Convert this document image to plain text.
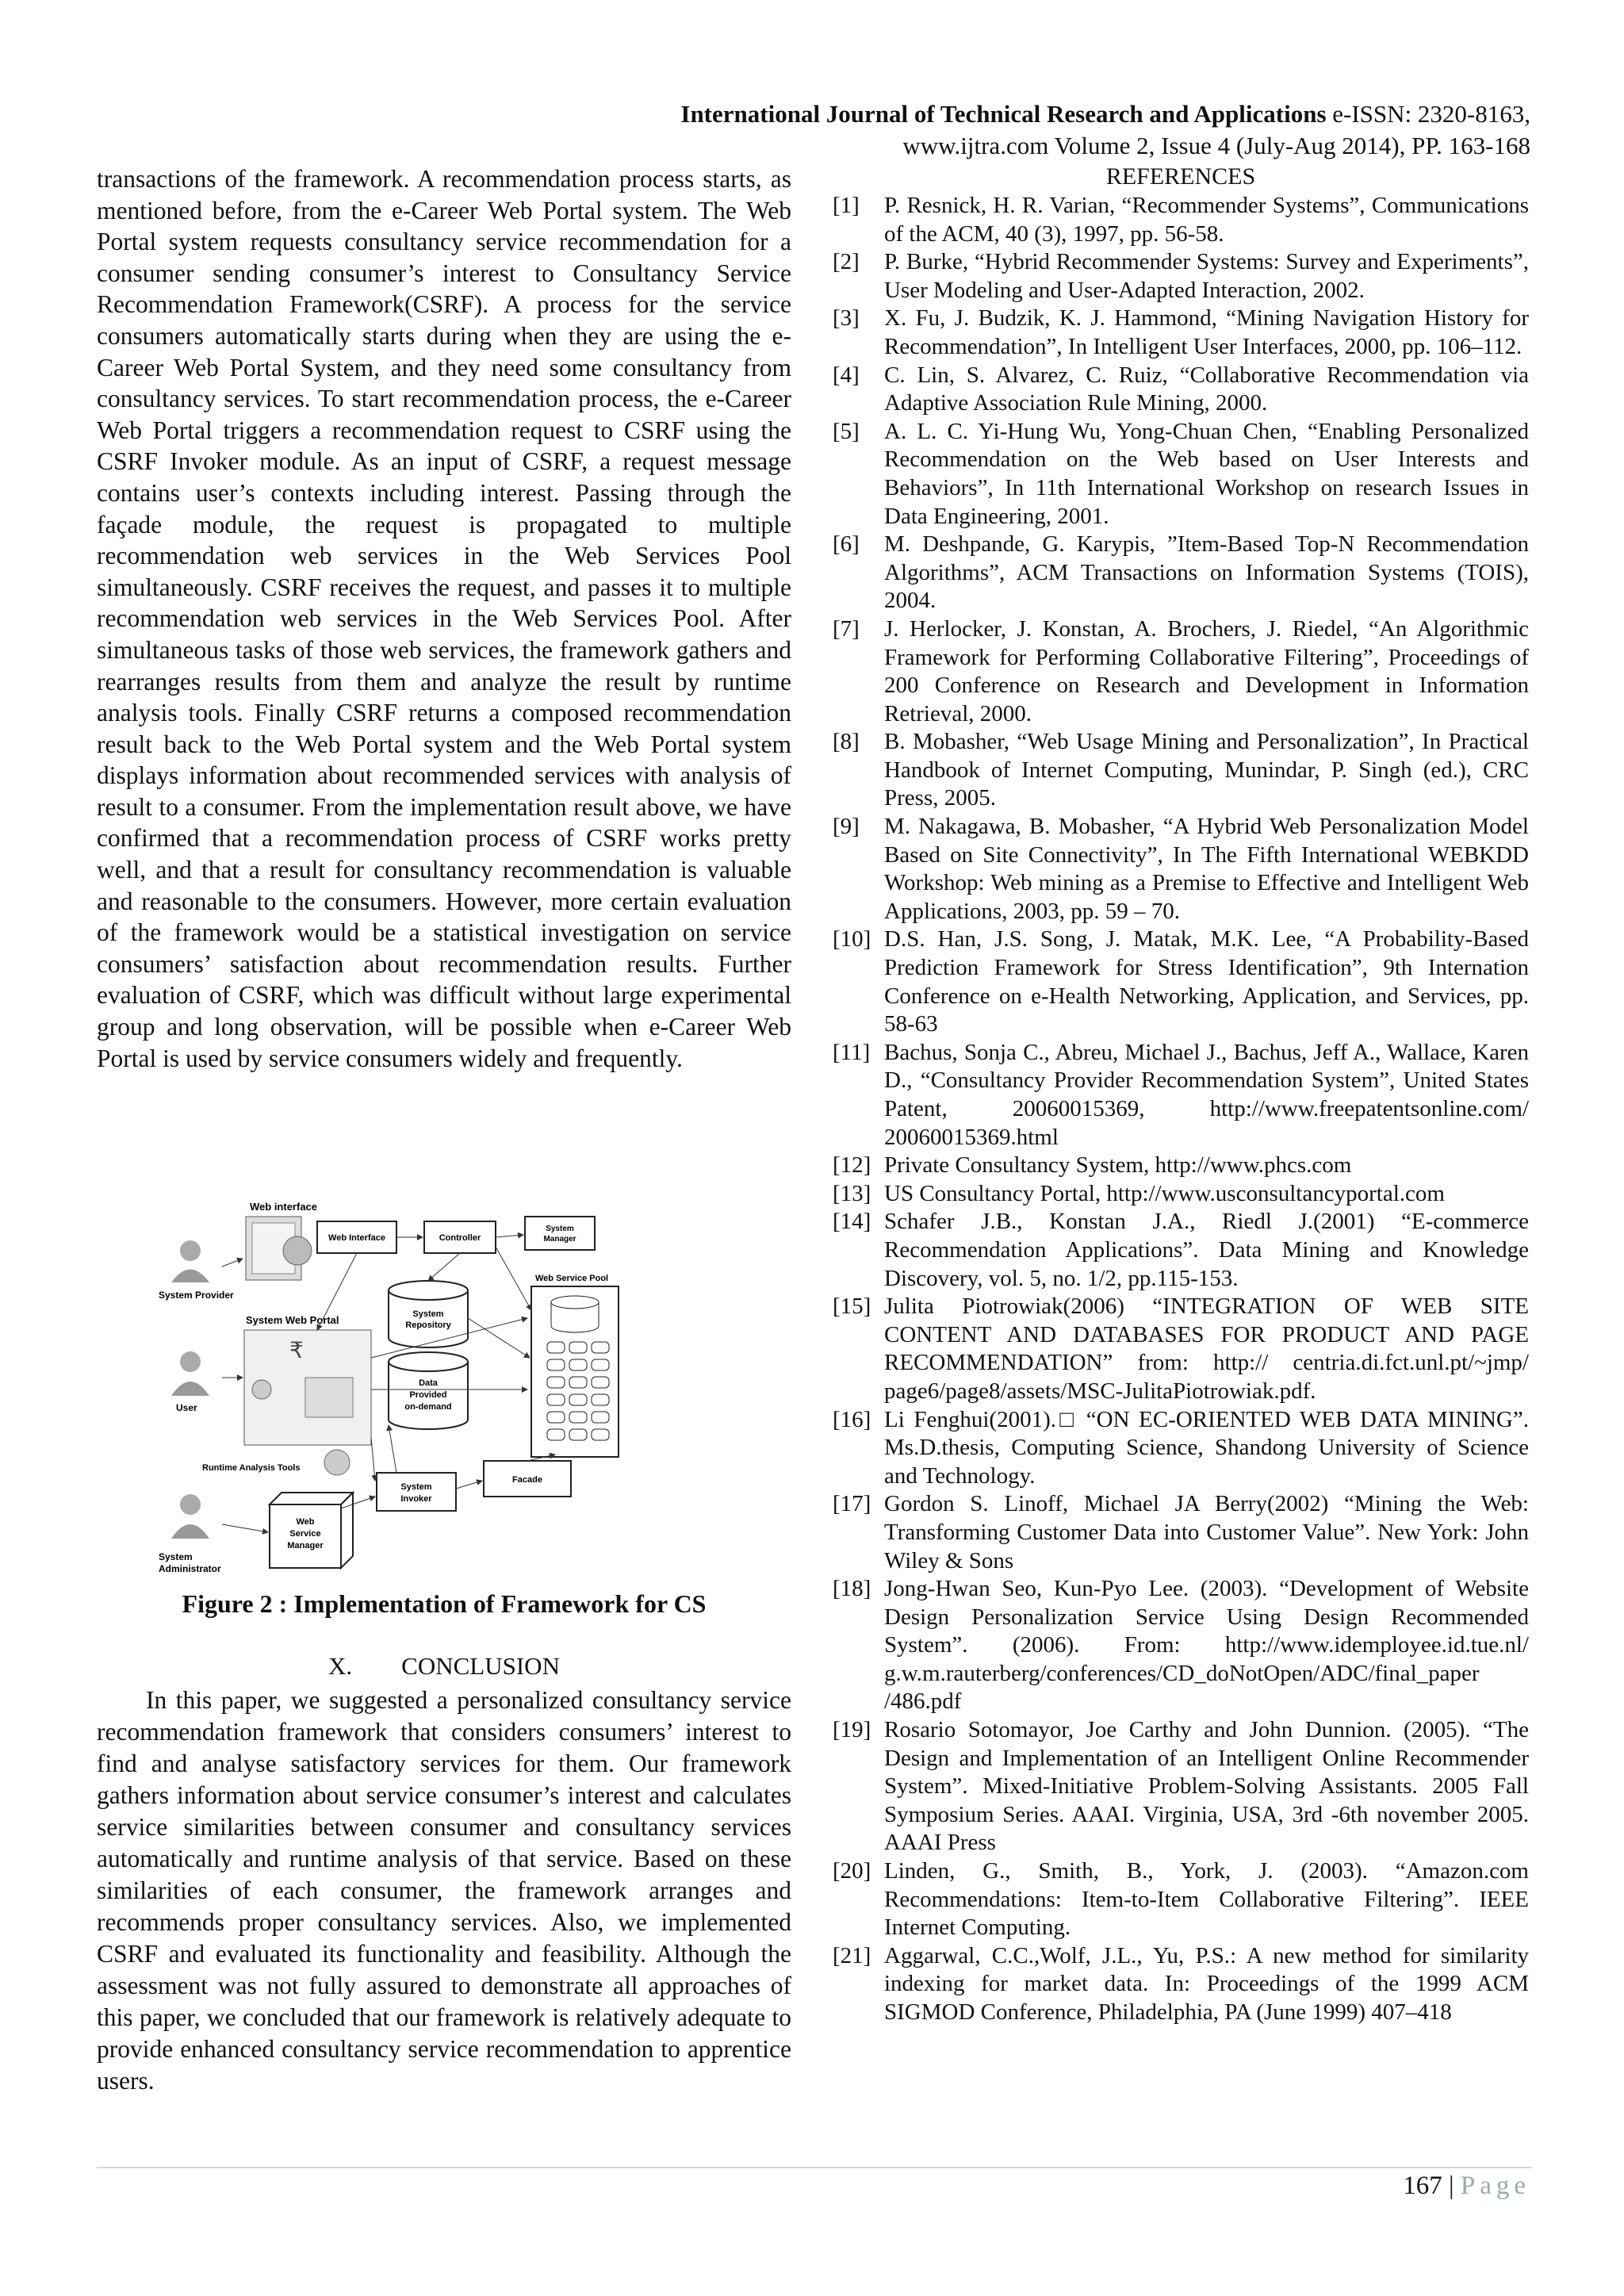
International Journal of Technical Research and Applications e-ISSN: 2320-8163,
www.ijtra.com Volume 2, Issue 4 (July-Aug 2014), PP. 163-168

transactions of the framework. A recommendation process starts, as mentioned before, from the e-Career Web Portal system. The Web Portal system requests consultancy service recommendation for a consumer sending consumer’s interest to Consultancy Service Recommendation Framework(CSRF). A process for the service consumers automatically starts during when they are using the e-Career Web Portal System, and they need some consultancy from consultancy services. To start recommendation process, the e-Career Web Portal triggers a recommendation request to CSRF using the CSRF Invoker module. As an input of CSRF, a request message contains user’s contexts including interest. Passing through the façade module, the request is propagated to multiple recommendation web services in the Web Services Pool simultaneously. CSRF receives the request, and passes it to multiple recommendation web services in the Web Services Pool. After simultaneous tasks of those web services, the framework gathers and rearranges results from them and analyze the result by runtime analysis tools. Finally CSRF returns a composed recommendation result back to the Web Portal system and the Web Portal system displays information about recommended services with analysis of result to a consumer. From the implementation result above, we have confirmed that a recommendation process of CSRF works pretty well, and that a result for consultancy recommendation is valuable and reasonable to the consumers. However, more certain evaluation of the framework would be a statistical investigation on service consumers’ satisfaction about recommendation results. Further evaluation of CSRF, which was difficult without large experimental group and long observation, will be possible when e-Career Web Portal is used by service consumers widely and frequently.

Web interface
Web Interface	Controller
System
Manager
System Provider
System Web Portal
₹
User
System
Repository
Data
Provided
on-demand
Web Service Pool
Runtime Analysis Tools
System
Invoker
Facade
Web
Service
Manager
System
Administrator
Figure 2 : Implementation of Framework for CS
X.  CONCLUSION

In this paper, we suggested a personalized consultancy service recommendation framework that considers consumers’ interest to find and analyse satisfactory services for them. Our framework gathers information about service consumer’s interest and calculates service similarities between consumer and consultancy services automatically and runtime analysis of that service. Based on these similarities of each consumer, the framework arranges and recommends proper consultancy services. Also, we implemented CSRF and evaluated its functionality and feasibility. Although the assessment was not fully assured to demonstrate all approaches of this paper, we concluded that our framework is relatively adequate to provide enhanced consultancy service recommendation to apprentice users.

REFERENCES
[1]	P. Resnick, H. R. Varian, “Recommender Systems”, Communications of the ACM, 40 (3), 1997, pp. 56-58.
[2]	P. Burke, “Hybrid Recommender Systems: Survey and Experiments”, User Modeling and User-Adapted Interaction, 2002.
[3]	X. Fu, J. Budzik, K. J. Hammond, “Mining Navigation History for Recommendation”, In Intelligent User Interfaces, 2000, pp. 106–112.
[4]	C. Lin, S. Alvarez, C. Ruiz, “Collaborative Recommendation via Adaptive Association Rule Mining, 2000.
[5]	A. L. C. Yi-Hung Wu, Yong-Chuan Chen, “Enabling Personalized Recommendation on the Web based on User Interests and Behaviors”, In 11th International Workshop on research Issues in Data Engineering, 2001.
[6]	M. Deshpande, G. Karypis, ”Item-Based Top-N Recommendation Algorithms”, ACM Transactions on Information Systems (TOIS), 2004.
[7]	J. Herlocker, J. Konstan, A. Brochers, J. Riedel, “An Algorithmic Framework for Performing Collaborative Filtering”, Proceedings of 200 Conference on Research and Development in Information Retrieval, 2000.
[8]	B. Mobasher, “Web Usage Mining and Personalization”, In Practical Handbook of Internet Computing, Munindar, P. Singh (ed.), CRC Press, 2005.
[9]	M. Nakagawa, B. Mobasher, “A Hybrid Web Personalization Model Based on Site Connectivity”, In The Fifth International WEBKDD Workshop: Web mining as a Premise to Effective and Intelligent Web Applications, 2003, pp. 59 – 70.
[10] D.S. Han, J.S. Song, J. Matak, M.K. Lee, “A Probability-Based Prediction Framework for Stress Identification”, 9th Internation Conference on e-Health Networking, Application, and Services, pp. 58-63
[11] Bachus, Sonja C., Abreu, Michael J., Bachus, Jeff A., Wallace, Karen D., “Consultancy Provider Recommendation System”, United States Patent, 20060015369, http://www.freepatentsonline.com/ 20060015369.html
[12] Private Consultancy System, http://www.phcs.com
[13] US Consultancy Portal, http://www.usconsultancyportal.com
[14] Schafer J.B., Konstan J.A., Riedl J.(2001) “E-commerce Recommendation Applications”. Data Mining and Knowledge Discovery, vol. 5, no. 1/2, pp.115-153.
[15] Julita Piotrowiak(2006) “INTEGRATION OF WEB SITE CONTENT AND DATABASES FOR PRODUCT AND PAGE RECOMMENDATION” from: http:// centria.di.fct.unl.pt/~jmp/ page6/page8/assets/MSC-JulitaPiotrowiak.pdf.
[16] Li Fenghui(2001).□ “ON EC-ORIENTED WEB DATA MINING”. Ms.D.thesis, Computing Science, Shandong University of Science and Technology.
[17] Gordon S. Linoff, Michael JA Berry(2002) “Mining the Web: Transforming Customer Data into Customer Value”. New York: John Wiley & Sons
[18] Jong-Hwan Seo, Kun-Pyo Lee. (2003). “Development of Website Design Personalization Service Using Design Recommended System”. (2006). From: http://www.idemployee.id.tue.nl/ g.w.m.rauterberg/conferences/CD_doNotOpen/ADC/final_paper /486.pdf
[19] Rosario Sotomayor, Joe Carthy and John Dunnion. (2005). “The Design and Implementation of an Intelligent Online Recommender System”. Mixed-Initiative Problem-Solving Assistants. 2005 Fall Symposium Series. AAAI. Virginia, USA, 3rd -6th november 2005. AAAI Press
[20] Linden, G., Smith, B., York, J. (2003). “Amazon.com Recommendations: Item-to-Item Collaborative Filtering”. IEEE Internet Computing.
[21] Aggarwal, C.C.,Wolf, J.L., Yu, P.S.: A new method for similarity indexing for market data. In: Proceedings of the 1999 ACM SIGMOD Conference, Philadelphia, PA (June 1999) 407–418
167 | Page
